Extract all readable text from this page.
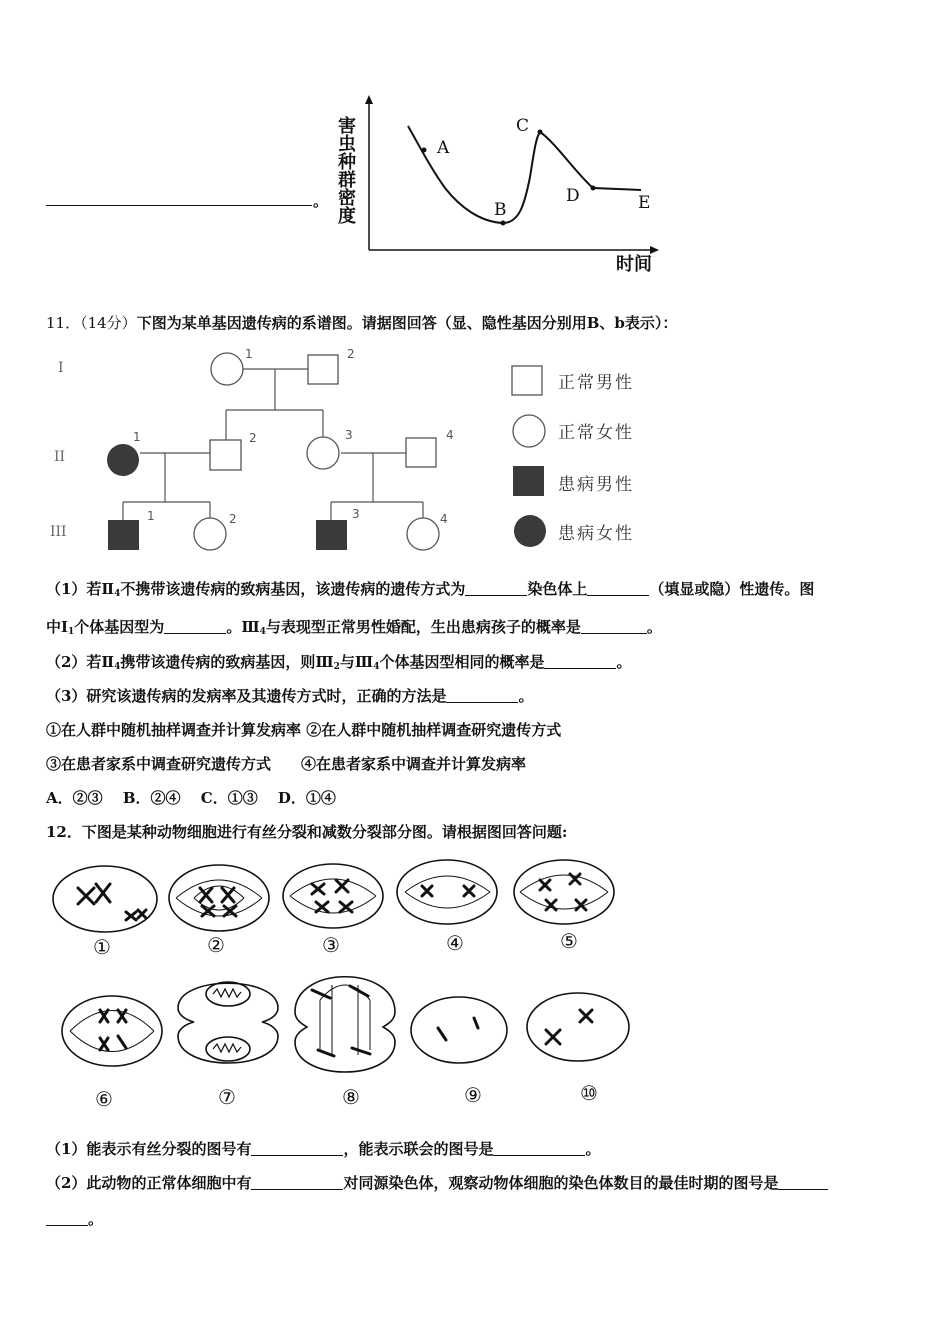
。
害
虫
种
群
密
度
A
B
C
D	E
时间
11．（14分）下图为某单基因遗传病的系谱图。请据图回答（显、隐性基因分别用B、b表示）：
I
II
III
1	2
1	2	3	4
1	2	3	4
正常男性
正常女性
患病男性
患病女性
（1）若$Ⅱ_4$不携带该遗传病的致病基因，该遗传病的遗传方式为	染色体上	（填显或隐）性遗传。图
中$Ⅰ_1$个体基因型为	。$Ⅲ_4$与表现型正常男性婚配，生出患病孩子的概率是	。
（2）若$Ⅱ_4$携带该遗传病的致病基因，则$Ⅲ_2$与$Ⅲ_4$个体基因型相同的概率是	。
（3）研究该遗传病的发病率及其遗传方式时，正确的方法是	。
①在人群中随机抽样调查并计算发病率 ②在人群中随机抽样调查研究遗传方式
③在患者家系中调查研究遗传方式　　④在患者家系中调查并计算发病率
A．②③　 B．②④　 C．①③　 D．①④
12．下图是某种动物细胞进行有丝分裂和减数分裂部分图。请根据图回答问题:
①	②	③	④	⑤
⑥	⑦	⑧	⑨	⑩
（1）能表示有丝分裂的图号有	，能表示联会的图号是	。
（2）此动物的正常体细胞中有	对同源染色体，观察动物体细胞的染色体数目的最佳时期的图号是
。
